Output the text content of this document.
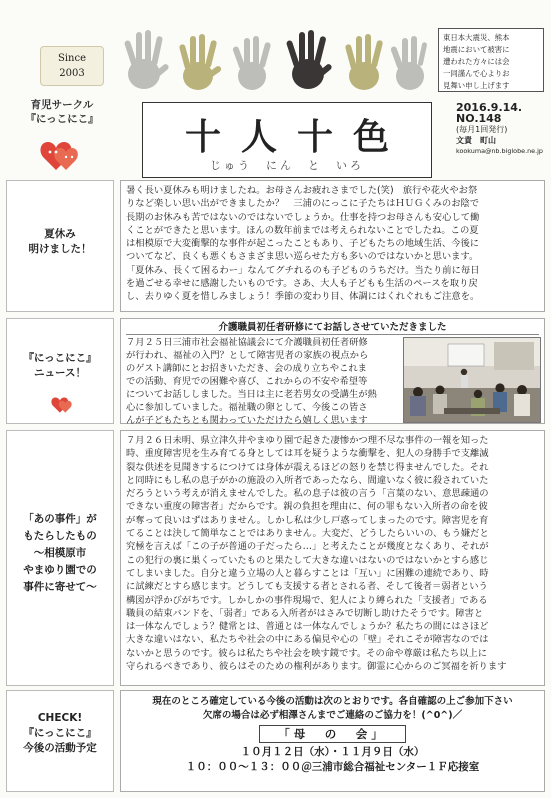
Since
2003
育児サークル
『にっこにこ』	十人十色
じゅう　にん　と　いろ
東日本大震災、熊本
地震において被害に
遭われた方々には会
一同謹んで心よりお
見舞い申し上げます
2016.9.14.
NO.148
(毎月1回発行)
文責　町山
kookuma@nb.biglobe.ne.jp
夏休み
明けました！
暑く長い夏休みも明けましたね。お母さんお疲れさまでした(笑)　旅行や花火やお祭
りなど楽しい思い出ができましたか？　三浦のにっこに子たちはＨＵＧくみのお陰で
長期のお休みも苦ではないのではないでしょうか。仕事を持つお母さんも安心して働
くことができたと思います。ほんの数年前までは考えられないことでしたね。この夏
は相模原で大変衝撃的な事件が起こったこともあり、子どもたちの地域生活、今後に
ついてなど、良くも悪くもさまざま思い巡らせた方も多いのではないかと思います。
「夏休み、長くて困るわー」なんてグチれるのも子どものうちだけ。当たり前に毎日
を過ごせる幸せに感謝したいものです。さあ、大人も子どもも生活のペースを取り戻
し、去りゆく夏を惜しみましょう！季節の変わり目、体調にはくれぐれもご注意を。
『にっこにこ』
ニュース！
介護職員初任者研修にてお話しさせていただきました
７月２５日三浦市社会福祉協議会にて介護職員初任者研修
が行われ、福祉の入門？として障害児者の家族の視点から
のゲスト講師にとお招きいただき、会の成り立ちやこれま
での活動、育児での困難や喜び、これからの不安や希望等
についてお話ししました。当日は主に老若男女の受講生が熱
心に参加していました。福祉職の卵として、今後この皆さ
んが子どもたちとも関わっていただけたら嬉しく思います
「あの事件」が
もたらしたもの
～相模原市
やまゆり園での
事件に寄せて～
７月２６日未明、県立津久井やまゆり園で起きた凄惨かつ理不尽な事件の一報を知った
時、重度障害児を生み育てる身としては耳を疑うような衝撃を、犯人の身勝手で支離滅
裂な供述を見聞きするにつけては身体が震えるほどの怒りを禁じ得ませんでした。それ
と同時にもし私の息子がかの施設の入所者であったなら、間違いなく彼に殺されていた
だろうという考えが消えませんでした。私の息子は彼の言う「言葉のない、意思疎通の
できない重度の障害者」だからです。親の負担を理由に、何の罪もない入所者の命を彼
が奪って良いはずはありません。しかし私は少し戸惑ってしまったのです。障害児を育
てることは決して簡単なことではありません。大変だ、どうしたらいいの、もう嫌だと
究極を言えば「この子が普通の子だったら…」と考えたことが幾度となくあり、それが
この犯行の裏に巣くっていたものと果たして大きな違いはないのではないかとすら感じ
てしまいました。自分と違う立場の人と暮らすことは「互い」に困難の連続であり、時
に試練だとすら感じます。どうしても支援する者とされる者、そして後者＝弱者という
構図が浮かびがちです。しかしかの事件現場で、犯人により縛られた「支援者」である
職員の結束バンドを、「弱者」である入所者がはさみで切断し助けたそうです。障害と
は一体なんでしょう？健常とは、普通とは一体なんでしょうか？私たちの間にはさほど
大きな違いはない、私たちや社会の中にある偏見や心の「壁」それこそが障害なのでは
ないかと思うのです。彼らは私たちや社会を映す鏡です。その命や尊厳は私たち以上に
守られるべきであり、彼らはそのための権利があります。御霊に心からのご冥福を祈ります
CHECK!
『にっこにこ』
今後の活動予定
現在のところ確定している今後の活動は次のとおりです。各自確認の上ご参加下さい
欠席の場合は必ず相澤さんまでご連絡のご協力を！(^0^)／
「母　の　会」
１０月１２日（水）・１１月９日（水）
１０：００～１３：００＠三浦市総合福祉センター１Ｆ応接室
